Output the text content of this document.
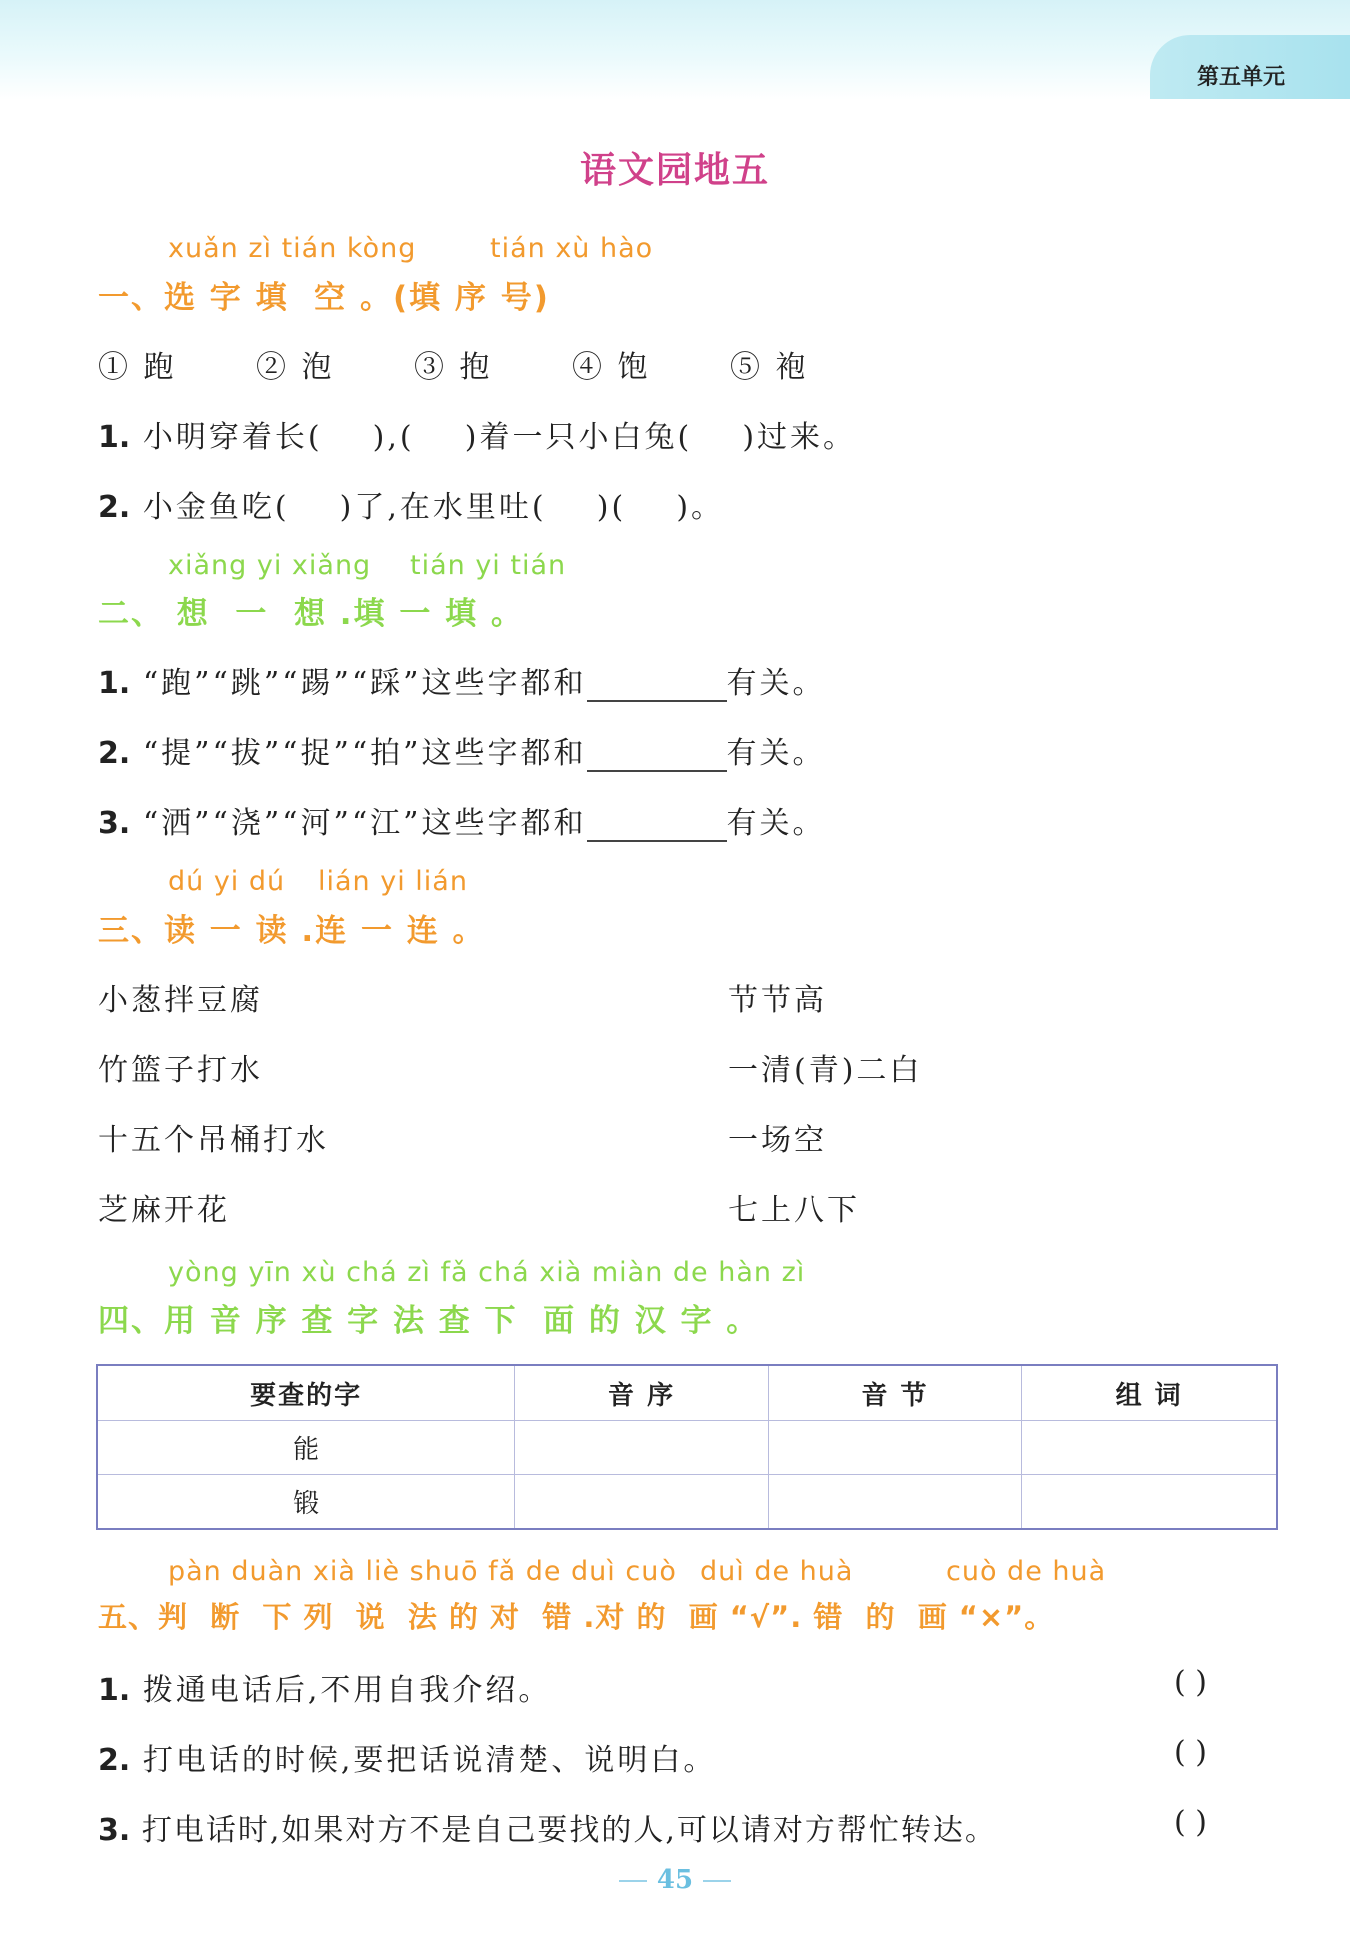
第五单元
语文园地五
xuǎn zì tián kòng	tián xù hào
一、选 字 填  空 。(填 序 号)
① 跑	② 泡	③ 抱	④ 饱	⑤ 袍
1. 小明穿着长(    ),(    )着一只小白兔(    )过来。
2. 小金鱼吃(    )了,在水里吐(    )(    )。
xiǎng yi xiǎng tián yi tián
二、 想  一  想 .填 一 填 。
1. “跑”“跳”“踢”“踩”这些字都和	有关。
2. “提”“拔”“捉”“拍”这些字都和	有关。
3. “洒”“浇”“河”“江”这些字都和	有关。
dú yi dú lián yi lián
三、读 一 读 .连 一 连 。
小葱拌豆腐
竹篮子打水
十五个吊桶打水
芝麻开花
节节高
一清(青)二白
一场空
七上八下
yòng yīn xù chá zì fǎ chá xià miàn de hàn zì
四、用 音 序 查 字 法 查 下  面 的 汉 字 。
要查的字	音 序	音 节	组 词
能			
锻			
pàn duàn xià liè shuō fǎ de duì cuò duì de huà	cuò de huà
五、判  断  下 列  说  法 的 对  错 .对 的  画 “√”. 错  的  画 “×”。
1. 拨通电话后,不用自我介绍。	( )
2. 打电话的时候,要把话说清楚、说明白。	( )
3. 打电话时,如果对方不是自己要找的人,可以请对方帮忙转达。	( )
45
